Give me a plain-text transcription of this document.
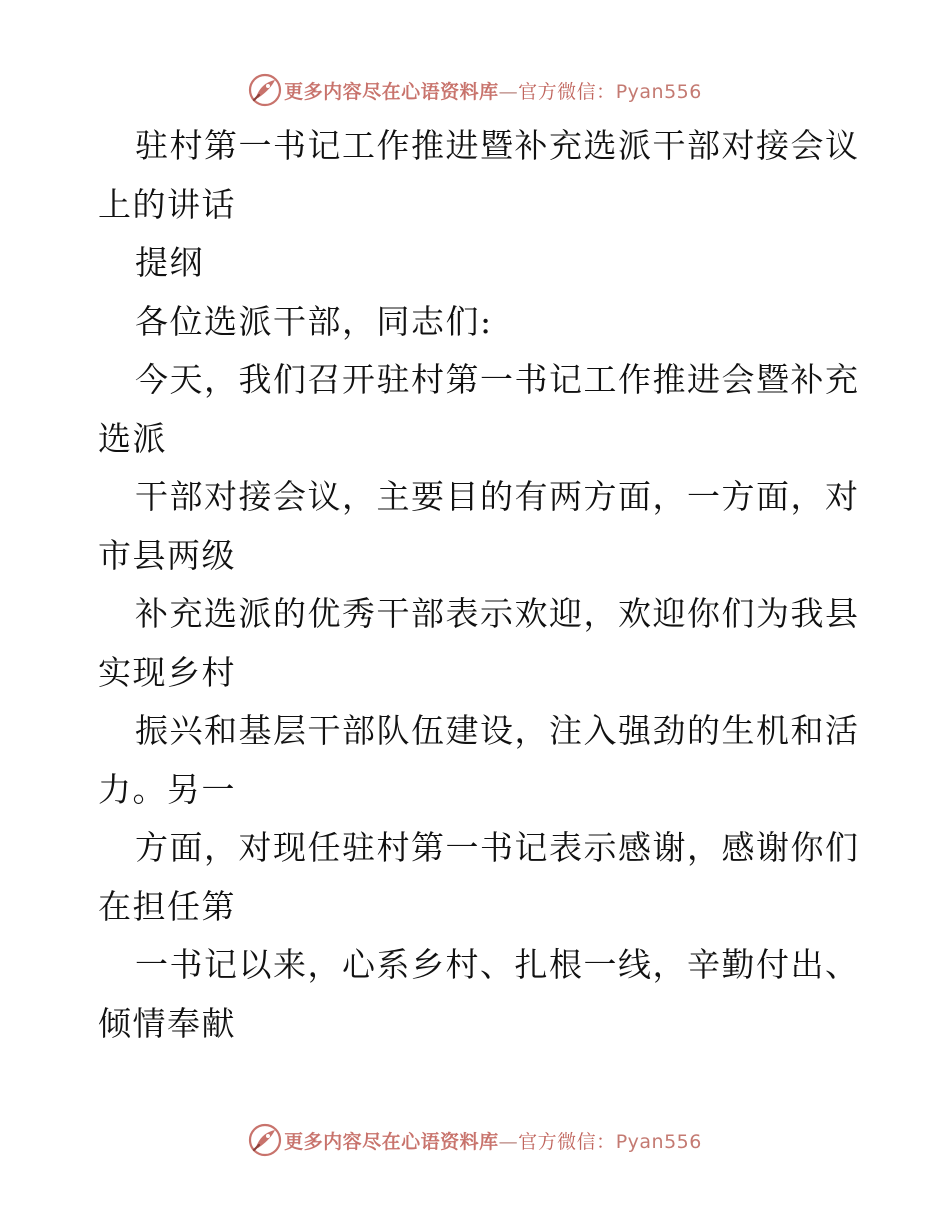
更多内容尽在心语资料库—官方微信：Pyan556
驻村第一书记工作推进暨补充选派干部对接会议
上的讲话
提纲
各位选派干部，同志们:
今天，我们召开驻村第一书记工作推进会暨补充
选派
干部对接会议，主要目的有两方面，一方面，对
市县两级
补充选派的优秀干部表示欢迎，欢迎你们为我县
实现乡村
振兴和基层干部队伍建设，注入强劲的生机和活
力。另一
方面，对现任驻村第一书记表示感谢，感谢你们
在担任第
一书记以来，心系乡村、扎根一线，辛勤付出、
倾情奉献
更多内容尽在心语资料库—官方微信：Pyan556
